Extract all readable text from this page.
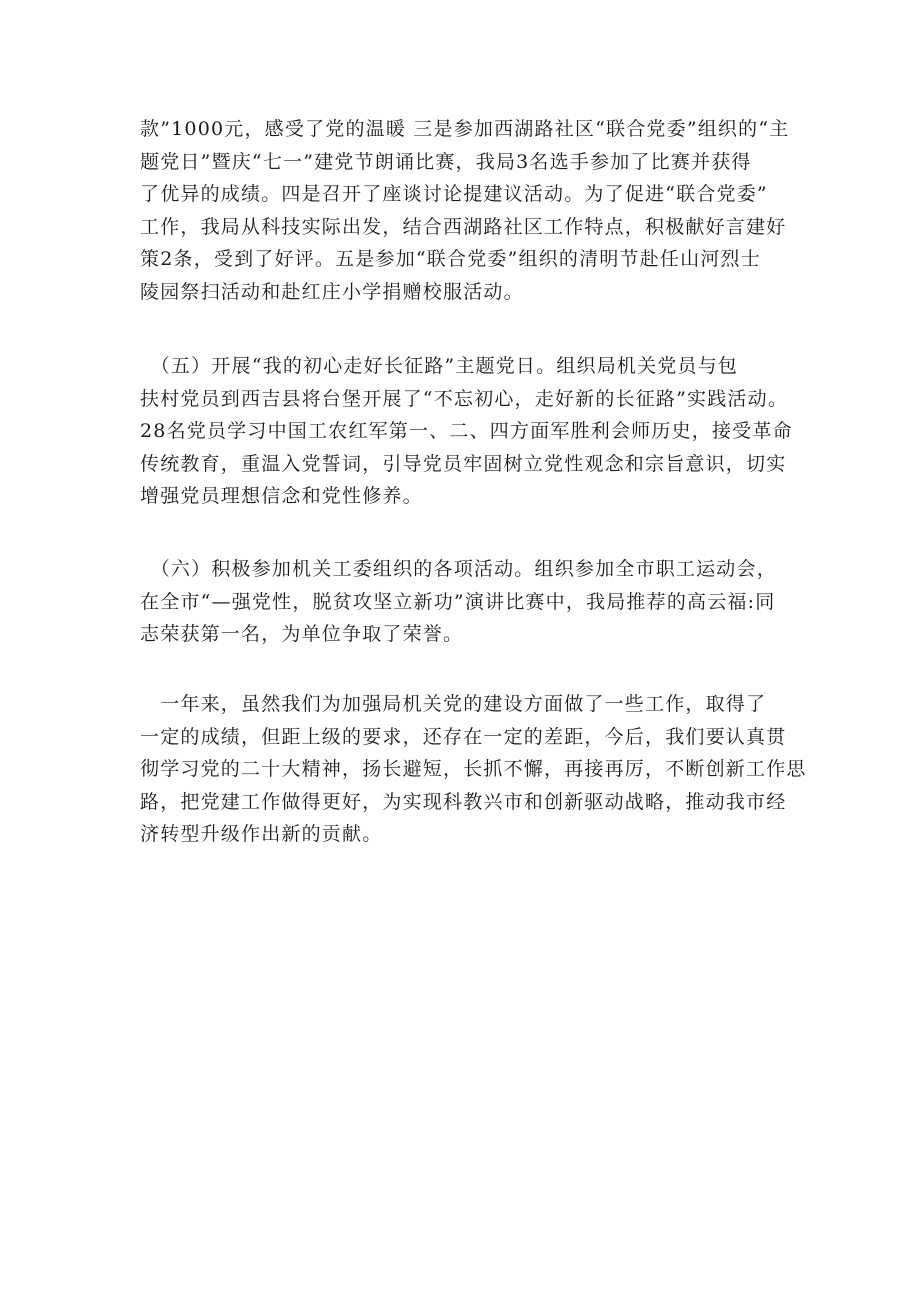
款”1000元，感受了党的温暖 三是参加西湖路社区“联合党委”组织的“主
题党日”暨庆“七一”建党节朗诵比赛，我局3名选手参加了比赛并获得
了优异的成绩。四是召开了座谈讨论提建议活动。为了促进“联合党委”
工作，我局从科技实际出发，结合西湖路社区工作特点，积极献好言建好
策2条，受到了好评。五是参加“联合党委”组织的清明节赴任山河烈士
陵园祭扫活动和赴红庄小学捐赠校服活动。
　（五）开展“我的初心走好长征路”主题党日。组织局机关党员与包
扶村党员到西吉县将台堡开展了“不忘初心，走好新的长征路”实践活动。
28名党员学习中国工农红军第一、二、四方面军胜利会师历史，接受革命
传统教育，重温入党誓词，引导党员牢固树立党性观念和宗旨意识，切实
增强党员理想信念和党性修养。
　（六）积极参加机关工委组织的各项活动。组织参加全市职工运动会，
在全市“—强党性，脱贫攻坚立新功”演讲比赛中，我局推荐的高云福:同
志荣获第一名，为单位争取了荣誉。
　一年来，虽然我们为加强局机关党的建设方面做了一些工作，取得了
一定的成绩，但距上级的要求，还存在一定的差距，今后，我们要认真贯
彻学习党的二十大精神，扬长避短，长抓不懈，再接再厉，不断创新工作思
路，把党建工作做得更好，为实现科教兴市和创新驱动战略，推动我市经
济转型升级作出新的贡献。
